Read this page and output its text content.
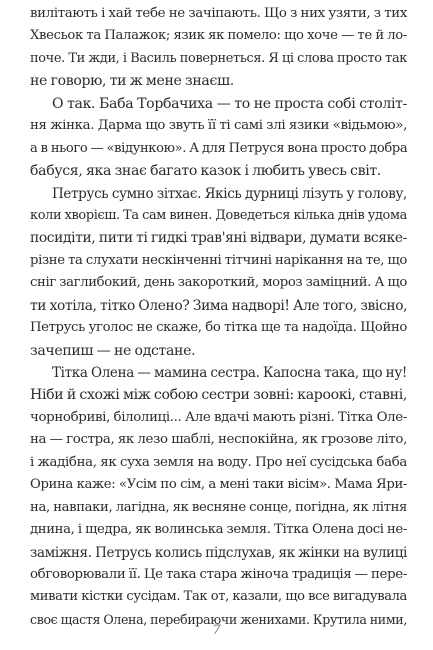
вилітають і хай тебе не зачіпають. Що з них узяти, з тих
Хвесьок та Палажок; язик як помело: що хоче — те й ло-
поче. Ти жди, і Василь повернеться. Я ці слова просто так
не говорю, ти ж мене знаєш.
О так. Баба Торбачиха — то не проста собі століт-
ня жінка. Дарма що звуть її ті самі злі язики «відьмою»,
а в нього — «відункою». А для Петруся вона просто добра
бабуся, яка знає багато казок і любить увесь світ.
Петрусь сумно зітхає. Якісь дурниці лізуть у голову,
коли хворієш. Та сам винен. Доведеться кілька днів удома
посидіти, пити ті гидкі трав'яні відвари, думати всяке-
різне та слухати нескінченні тітчині нарікання на те, що
сніг заглибокий, день закороткий, мороз заміцний. А що
ти хотіла, тітко Олено? Зима надворі! Але того, звісно,
Петрусь уголос не скаже, бо тітка ще та надоїда. Щойно
зачепиш — не одстане.
Тітка Олена — мамина сестра. Капосна така, що ну!
Ніби й схожі між собою сестри зовні: кароокі, ставні,
чорнобриві, білолиці... Але вдачі мають різні. Тітка Оле-
на — гостра, як лезо шаблі, неспокійна, як грозове літо,
і жадібна, як суха земля на воду. Про неї сусідська баба
Орина каже: «Усім по сім, а мені таки вісім». Мама Яри-
на, навпаки, лагідна, як весняне сонце, погідна, як літня
днина, і щедра, як волинська земля. Тітка Олена досі не-
заміжня. Петрусь колись підслухав, як жінки на вулиці
обговорювали її. Це така стара жіноча традиція — пере-
мивати кістки сусідам. Так от, казали, що все вигадувала
своє щастя Олена, перебираючи женихами. Крутила ними,
7
